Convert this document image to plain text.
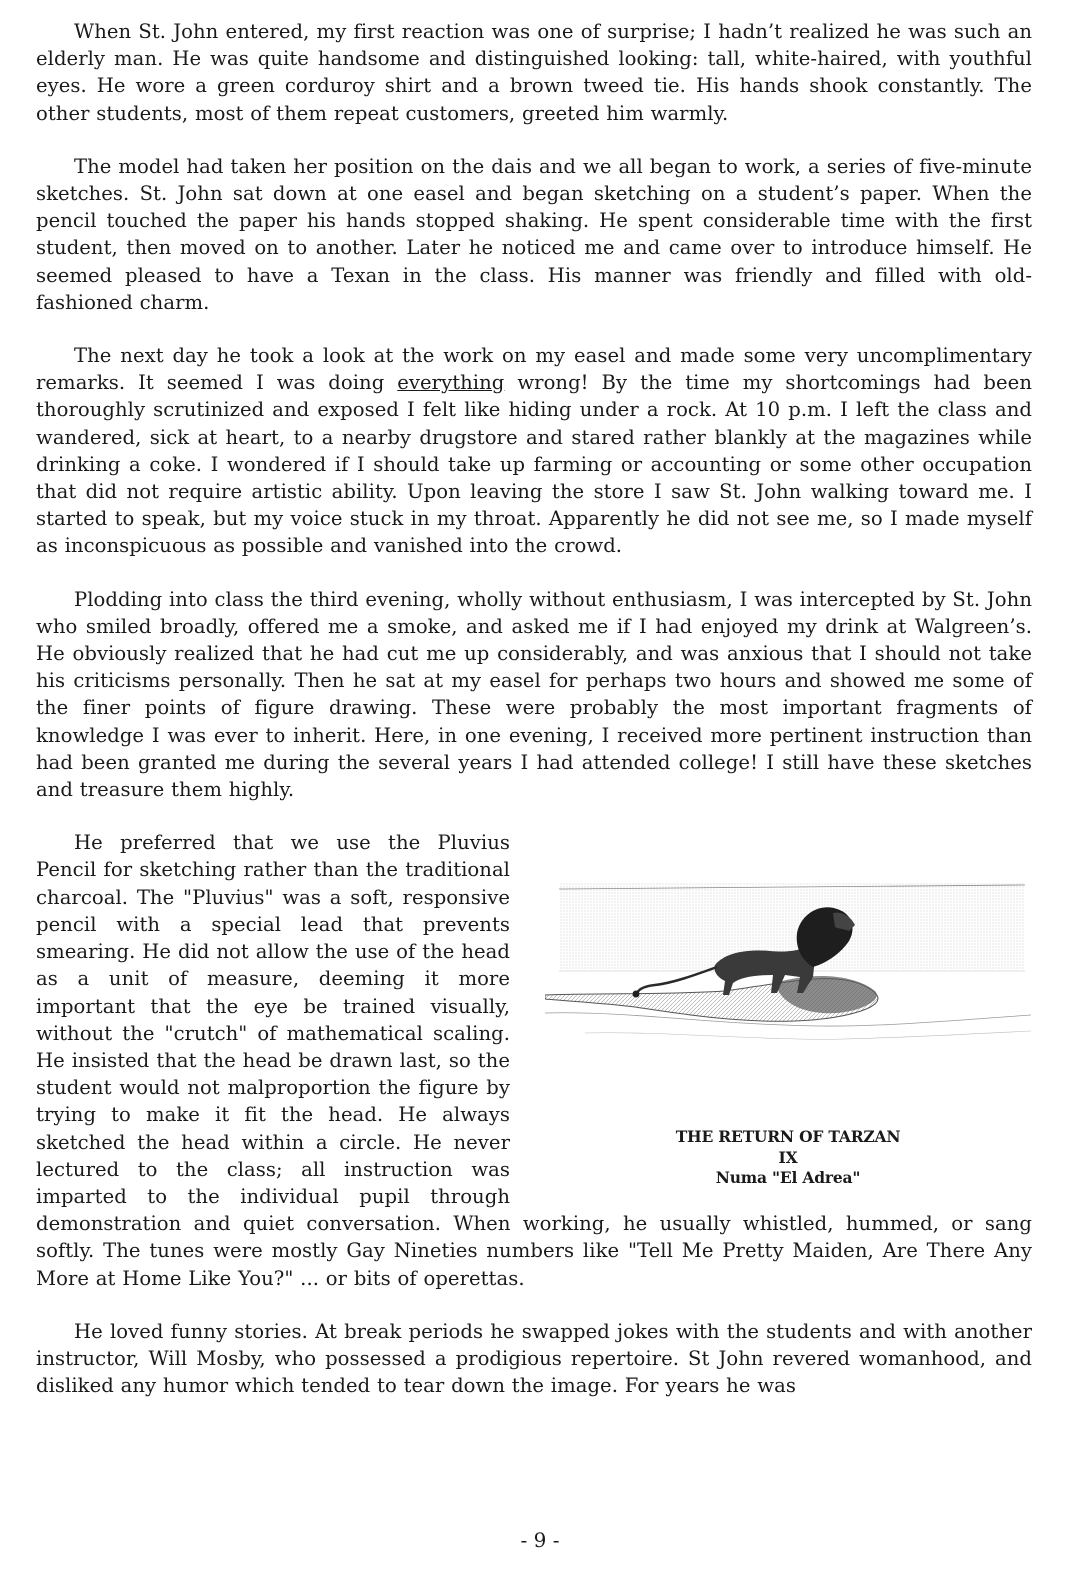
When St. John entered, my first reaction was one of surprise; I hadn’t realized he was such an elderly man. He was quite handsome and distinguished looking: tall, white-haired, with youthful eyes. He wore a green corduroy shirt and a brown tweed tie. His hands shook constantly. The other students, most of them repeat customers, greeted him warmly.

The model had taken her position on the dais and we all began to work, a series of five-minute sketches. St. John sat down at one easel and began sketching on a student’s paper. When the pencil touched the paper his hands stopped shaking. He spent considerable time with the first student, then moved on to another. Later he noticed me and came over to introduce himself. He seemed pleased to have a Texan in the class. His manner was friendly and filled with old-fashioned charm.

The next day he took a look at the work on my easel and made some very uncomplimentary remarks. It seemed I was doing everything wrong! By the time my shortcomings had been thoroughly scrutinized and exposed I felt like hiding under a rock. At 10 p.m. I left the class and wandered, sick at heart, to a nearby drugstore and stared rather blankly at the magazines while drinking a coke. I wondered if I should take up farming or accounting or some other occupation that did not require artistic ability. Upon leaving the store I saw St. John walking toward me. I started to speak, but my voice stuck in my throat. Apparently he did not see me, so I made myself as inconspicuous as possible and vanished into the crowd.

Plodding into class the third evening, wholly without enthusiasm, I was intercepted by St. John who smiled broadly, offered me a smoke, and asked me if I had enjoyed my drink at Walgreen’s. He obviously realized that he had cut me up considerably, and was anxious that I should not take his criticisms personally. Then he sat at my easel for perhaps two hours and showed me some of the finer points of figure drawing. These were probably the most important fragments of knowledge I was ever to inherit. Here, in one evening, I received more pertinent instruction than had been granted me during the several years I had attended college! I still have these sketches and treasure them highly.

THE RETURN OF TARZAN
IX
Numa "El Adrea"

He preferred that we use the Pluvius Pencil for sketching rather than the traditional charcoal. The "Pluvius" was a soft, responsive pencil with a special lead that prevents smearing. He did not allow the use of the head as a unit of measure, deeming it more important that the eye be trained visually, without the "crutch" of mathematical scaling. He insisted that the head be drawn last, so the student would not malproportion the figure by trying to make it fit the head. He always sketched the head within a circle. He never lectured to the class; all instruction was imparted to the individual pupil through demonstration and quiet conversation. When working, he usually whistled, hummed, or sang softly. The tunes were mostly Gay Nineties numbers like "Tell Me Pretty Maiden, Are There Any More at Home Like You?" ... or bits of operettas.

He loved funny stories. At break periods he swapped jokes with the students and with another instructor, Will Mosby, who possessed a prodigious repertoire. St John revered womanhood, and disliked any humor which tended to tear down the image. For years he was

- 9 -
